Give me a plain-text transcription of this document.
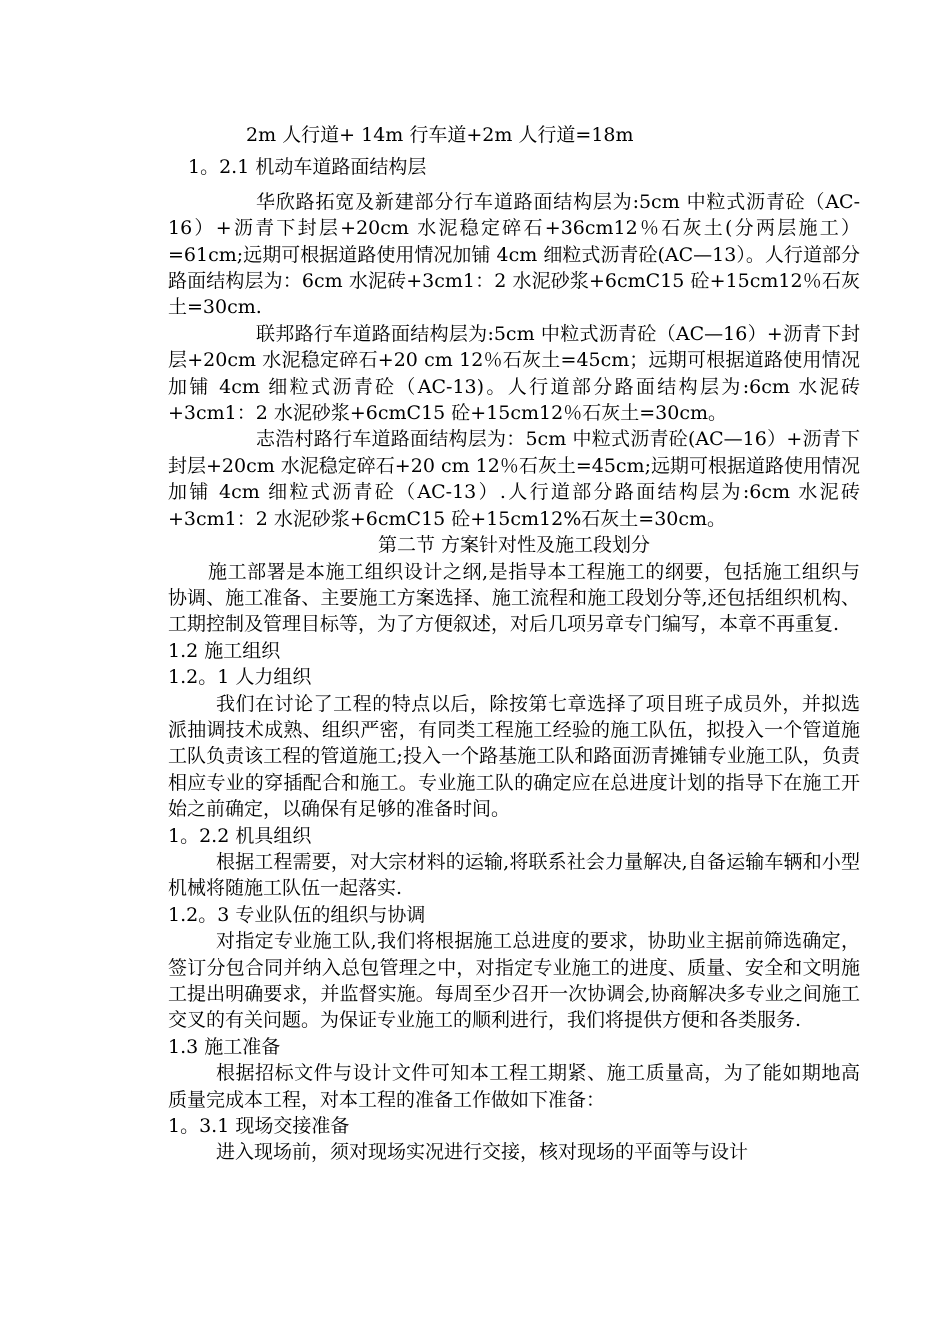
2m 人行道+ 14m 行车道+2m 人行道=18m

1。2.1 机动车道路面结构层

华欣路拓宽及新建部分行车道路面结构层为:5cm 中粒式沥青砼（AC-16）+沥青下封层+20cm 水泥稳定碎石+36cm12％石灰土(分两层施工）=61cm;远期可根据道路使用情况加铺 4cm 细粒式沥青砼(AC—13）。人行道部分路面结构层为：6cm 水泥砖+3cm1：2 水泥砂浆+6cmC15 砼+15cm12％石灰土=30cm.

联邦路行车道路面结构层为:5cm 中粒式沥青砼（AC—16）+沥青下封层+20cm 水泥稳定碎石+20 cm 12％石灰土=45cm；远期可根据道路使用情况加铺 4cm 细粒式沥青砼（AC-13)。人行道部分路面结构层为:6cm 水泥砖+3cm1：2 水泥砂浆+6cmC15 砼+15cm12％石灰土=30cm。

志浩村路行车道路面结构层为：5cm 中粒式沥青砼(AC—16）+沥青下封层+20cm 水泥稳定碎石+20 cm 12％石灰土=45cm;远期可根据道路使用情况加铺 4cm 细粒式沥青砼（AC-13）.人行道部分路面结构层为:6cm 水泥砖+3cm1：2 水泥砂浆+6cmC15 砼+15cm12%石灰土=30cm。

第二节 方案针对性及施工段划分

施工部署是本施工组织设计之纲,是指导本工程施工的纲要，包括施工组织与协调、施工准备、主要施工方案选择、施工流程和施工段划分等,还包括组织机构、工期控制及管理目标等，为了方便叙述，对后几项另章专门编写，本章不再重复.

1.2 施工组织

1.2。1 人力组织

我们在讨论了工程的特点以后，除按第七章选择了项目班子成员外，并拟选派抽调技术成熟、组织严密，有同类工程施工经验的施工队伍，拟投入一个管道施工队负责该工程的管道施工;投入一个路基施工队和路面沥青摊铺专业施工队，负责相应专业的穿插配合和施工。专业施工队的确定应在总进度计划的指导下在施工开始之前确定，以确保有足够的准备时间。

1。2.2 机具组织

根据工程需要，对大宗材料的运输,将联系社会力量解决,自备运输车辆和小型机械将随施工队伍一起落实.

1.2。3 专业队伍的组织与协调

对指定专业施工队,我们将根据施工总进度的要求，协助业主据前筛选确定，签订分包合同并纳入总包管理之中，对指定专业施工的进度、质量、安全和文明施工提出明确要求，并监督实施。每周至少召开一次协调会,协商解决多专业之间施工交叉的有关问题。为保证专业施工的顺利进行，我们将提供方便和各类服务.

1.3 施工准备

根据招标文件与设计文件可知本工程工期紧、施工质量高，为了能如期地高质量完成本工程，对本工程的准备工作做如下准备：

1。3.1 现场交接准备

进入现场前，须对现场实况进行交接，核对现场的平面等与设计
